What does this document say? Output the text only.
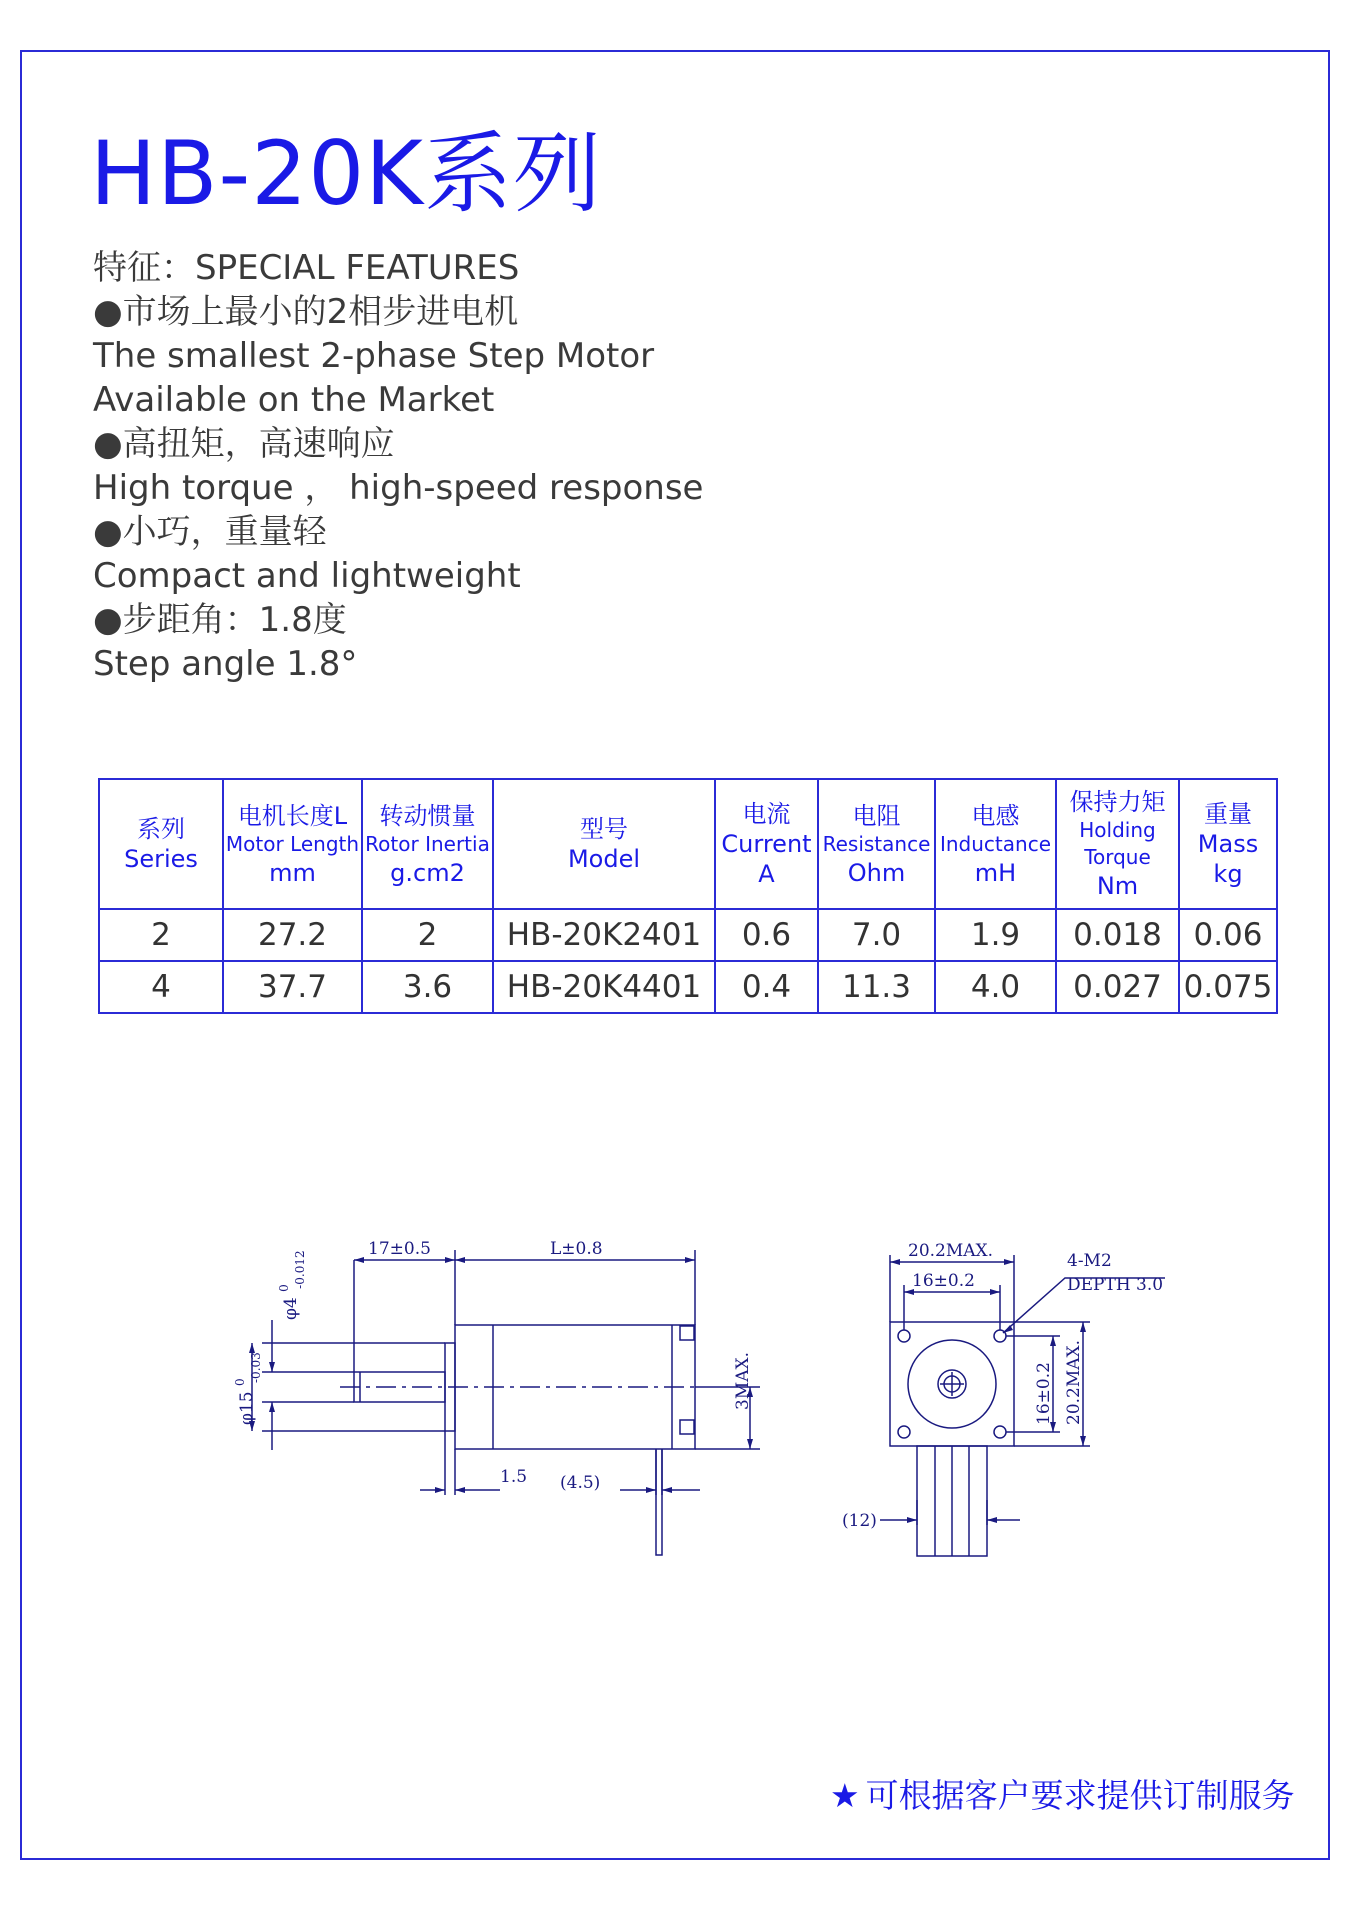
HB-20K系列
特征：SPECIAL FEATURES
●市场上最小的2相步进电机
The smallest 2-phase Step Motor
Available on the Market
●高扭矩，高速响应
High torque ， high-speed response
●小巧，重量轻
Compact and lightweight
●步距角：1.8度
Step angle 1.8°
系列
Series	电机长度L
Motor Length
mm	转动惯量
Rotor Inertia
g.cm2	型号
Model	电流
Current
A	电阻
Resistance
Ohm	电感
Inductance
mH	保持力矩
Holding Torque
Nm	重量
Mass
kg

2	27.2	2	HB-20K2401	0.6	7.0	1.9	0.018	0.06
4	37.7	3.6	HB-20K4401	0.4	11.3	4.0	0.027	0.075
17±0.5	L±0.8
1.5 (4.5)
20.2MAX.
16±0.2
4-M2
DEPTH 3.0
(12)
φ4 $^0$ -0.012
φ15 $^0$ -0.03	3MAX.	16±0.2 20.2MAX.
★ 可根据客户要求提供订制服务
